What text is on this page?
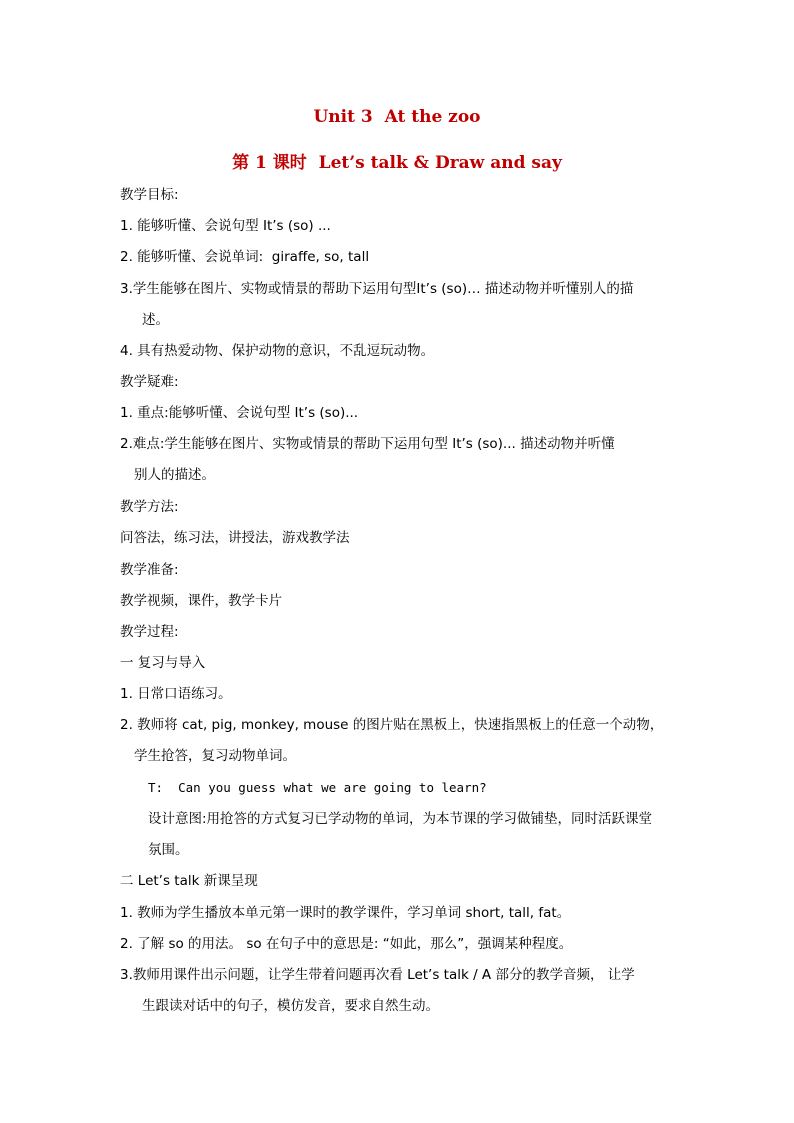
Unit 3  At the zoo
第 1 课时  Let’s talk & Draw and say
教学目标:
1. 能够听懂、会说句型 It’s (so) ...
2. 能够听懂、会说单词:  giraffe, so, tall
3.学生能够在图片、实物或情景的帮助下运用句型It’s (so)… 描述动物并听懂别人的描
述。
4. 具有热爱动物、保护动物的意识，不乱逗玩动物。
教学疑难:
1. 重点:能够听懂、会说句型 It’s (so)...
2.难点:学生能够在图片、实物或情景的帮助下运用句型 It’s (so)... 描述动物并听懂
别人的描述。
教学方法:
问答法，练习法，讲授法，游戏教学法
教学准备:
教学视频，课件，教学卡片
教学过程:
一 复习与导入
1. 日常口语练习。
2. 教师将 cat, pig, monkey, mouse 的图片贴在黑板上，快速指黑板上的任意一个动物，
学生抢答，复习动物单词。
T:  Can you guess what we are going to learn?
设计意图:用抢答的方式复习已学动物的单词，为本节课的学习做铺垫，同时活跃课堂
氛围。
二 Let’s talk 新课呈现
1. 教师为学生播放本单元第一课时的教学课件，学习单词 short, tall, fat。
2. 了解 so 的用法。 so 在句子中的意思是: “如此，那么”，强调某种程度。
3.教师用课件出示问题，让学生带着问题再次看 Let’s talk / A 部分的教学音频， 让学
生跟读对话中的句子，模仿发音，要求自然生动。
